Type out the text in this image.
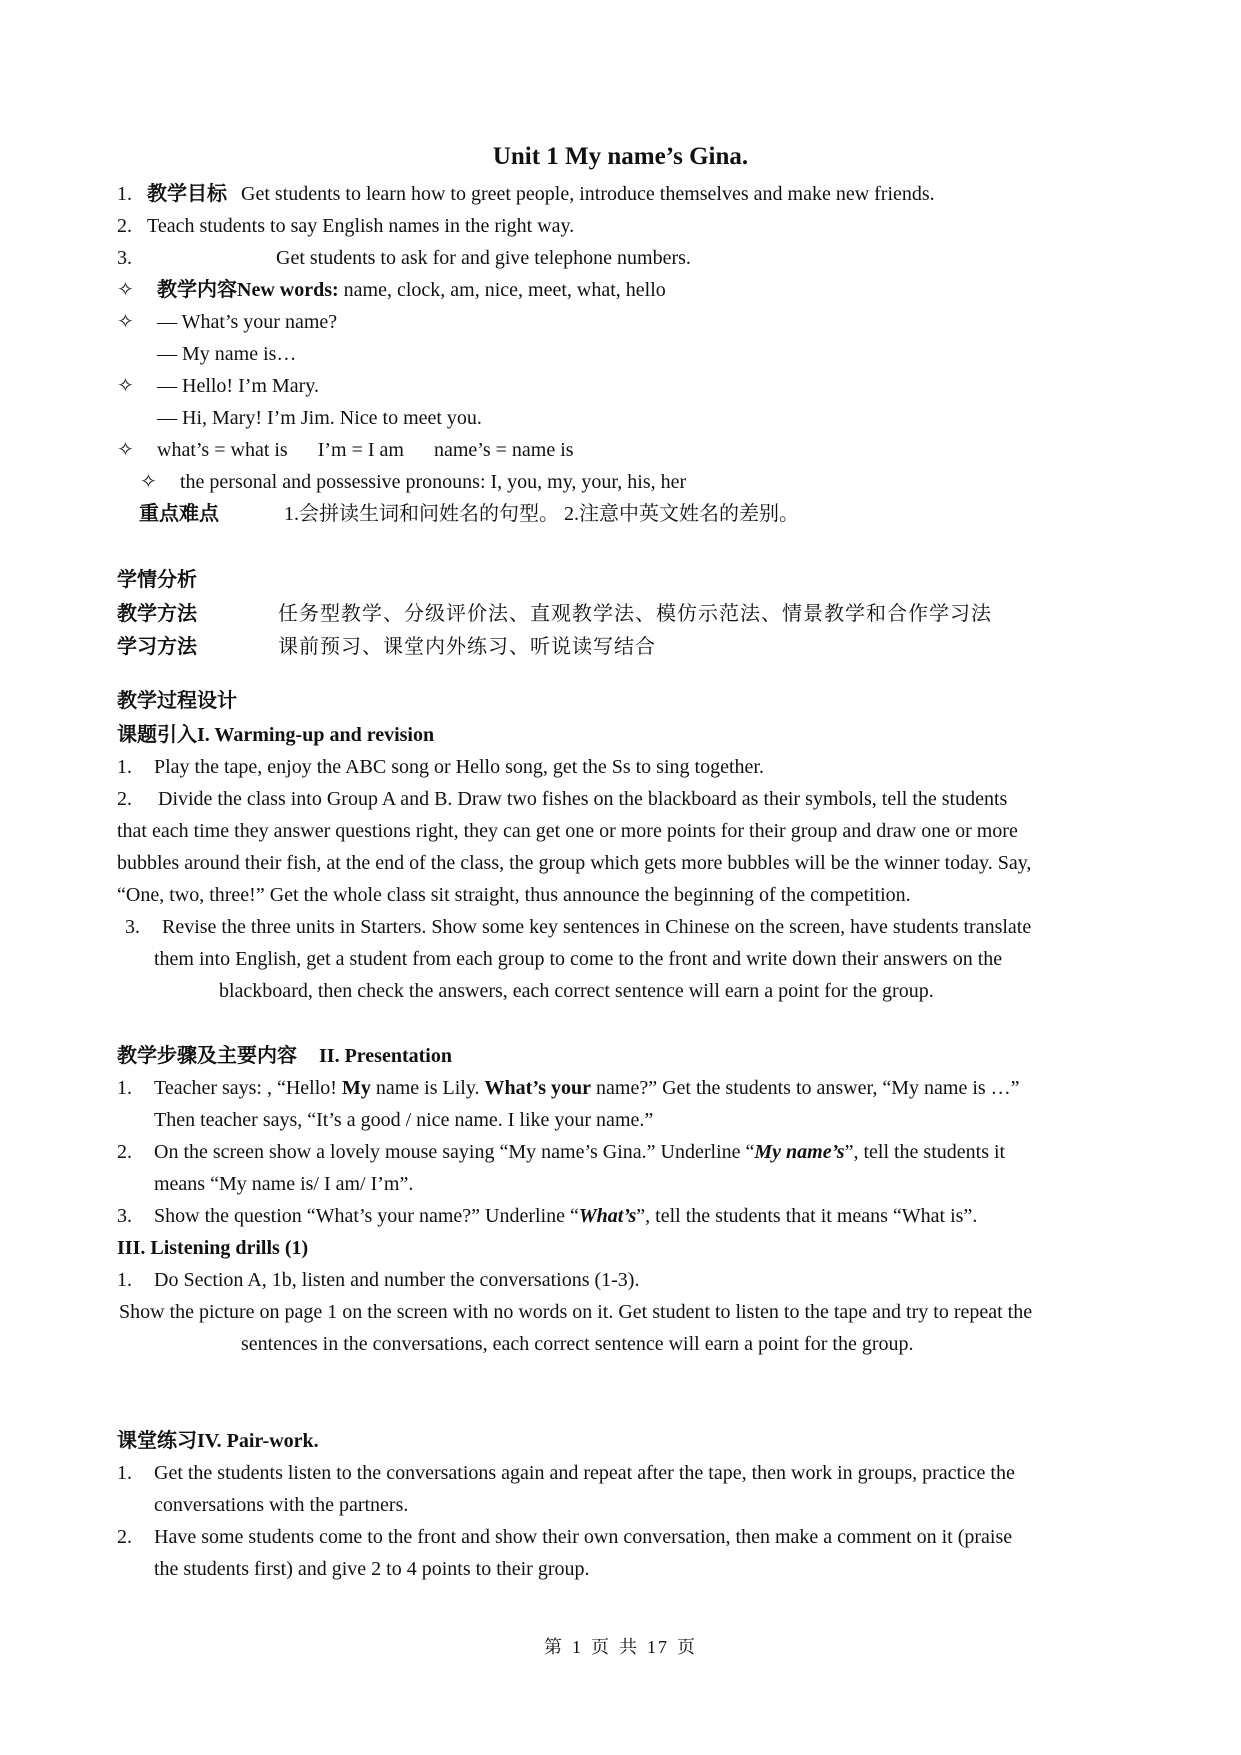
Unit 1 My name’s Gina.
1. 教学目标 Get students to learn how to greet people, introduce themselves and make new friends.
2. Teach students to say English names in the right way.
3.	Get students to ask for and give telephone numbers.
✧ 教学内容New words: name, clock, am, nice, meet, what, hello
✧ — What’s your name?
— My name is…
✧ — Hello! I’m Mary.
— Hi, Mary! I’m Jim. Nice to meet you.
✧ what’s = what is I’m = I am name’s = name is
✧ the personal and possessive pronouns: I, you, my, your, his, her
重点难点	1.会拼读生词和问姓名的句型。 2.注意中英文姓名的差别。
学情分析
教学方法	任务型教学、分级评价法、直观教学法、模仿示范法、情景教学和合作学习法
学习方法	课前预习、课堂内外练习、听说读写结合
教学过程设计
课题引入I. Warming-up and revision
1. Play the tape, enjoy the ABC song or Hello song, get the Ss to sing together.
2. Divide the class into Group A and B. Draw two fishes on the blackboard as their symbols, tell the students
that each time they answer questions right, they can get one or more points for their group and draw one or more
bubbles around their fish, at the end of the class, the group which gets more bubbles will be the winner today. Say,
“One, two, three!” Get the whole class sit straight, thus announce the beginning of the competition.
3. Revise the three units in Starters. Show some key sentences in Chinese on the screen, have students translate
them into English, get a student from each group to come to the front and write down their answers on the
blackboard, then check the answers, each correct sentence will earn a point for the group.
教学步骤及主要内容 II. Presentation
1. Teacher says: , “Hello! My name is Lily. What’s your name?” Get the students to answer, “My name is …”
Then teacher says, “It’s a good / nice name. I like your name.”
2. On the screen show a lovely mouse saying “My name’s Gina.” Underline “My name’s”, tell the students it
means “My name is/ I am/ I’m”.
3. Show the question “What’s your name?” Underline “What’s”, tell the students that it means “What is”.
III. Listening drills (1)
1. Do Section A, 1b, listen and number the conversations (1-3).
Show the picture on page 1 on the screen with no words on it. Get student to listen to the tape and try to repeat the
sentences in the conversations, each correct sentence will earn a point for the group.
课堂练习IV. Pair-work.
1. Get the students listen to the conversations again and repeat after the tape, then work in groups, practice the
conversations with the partners.
2. Have some students come to the front and show their own conversation, then make a comment on it (praise
the students first) and give 2 to 4 points to their group.
第 1 页 共 17 页
